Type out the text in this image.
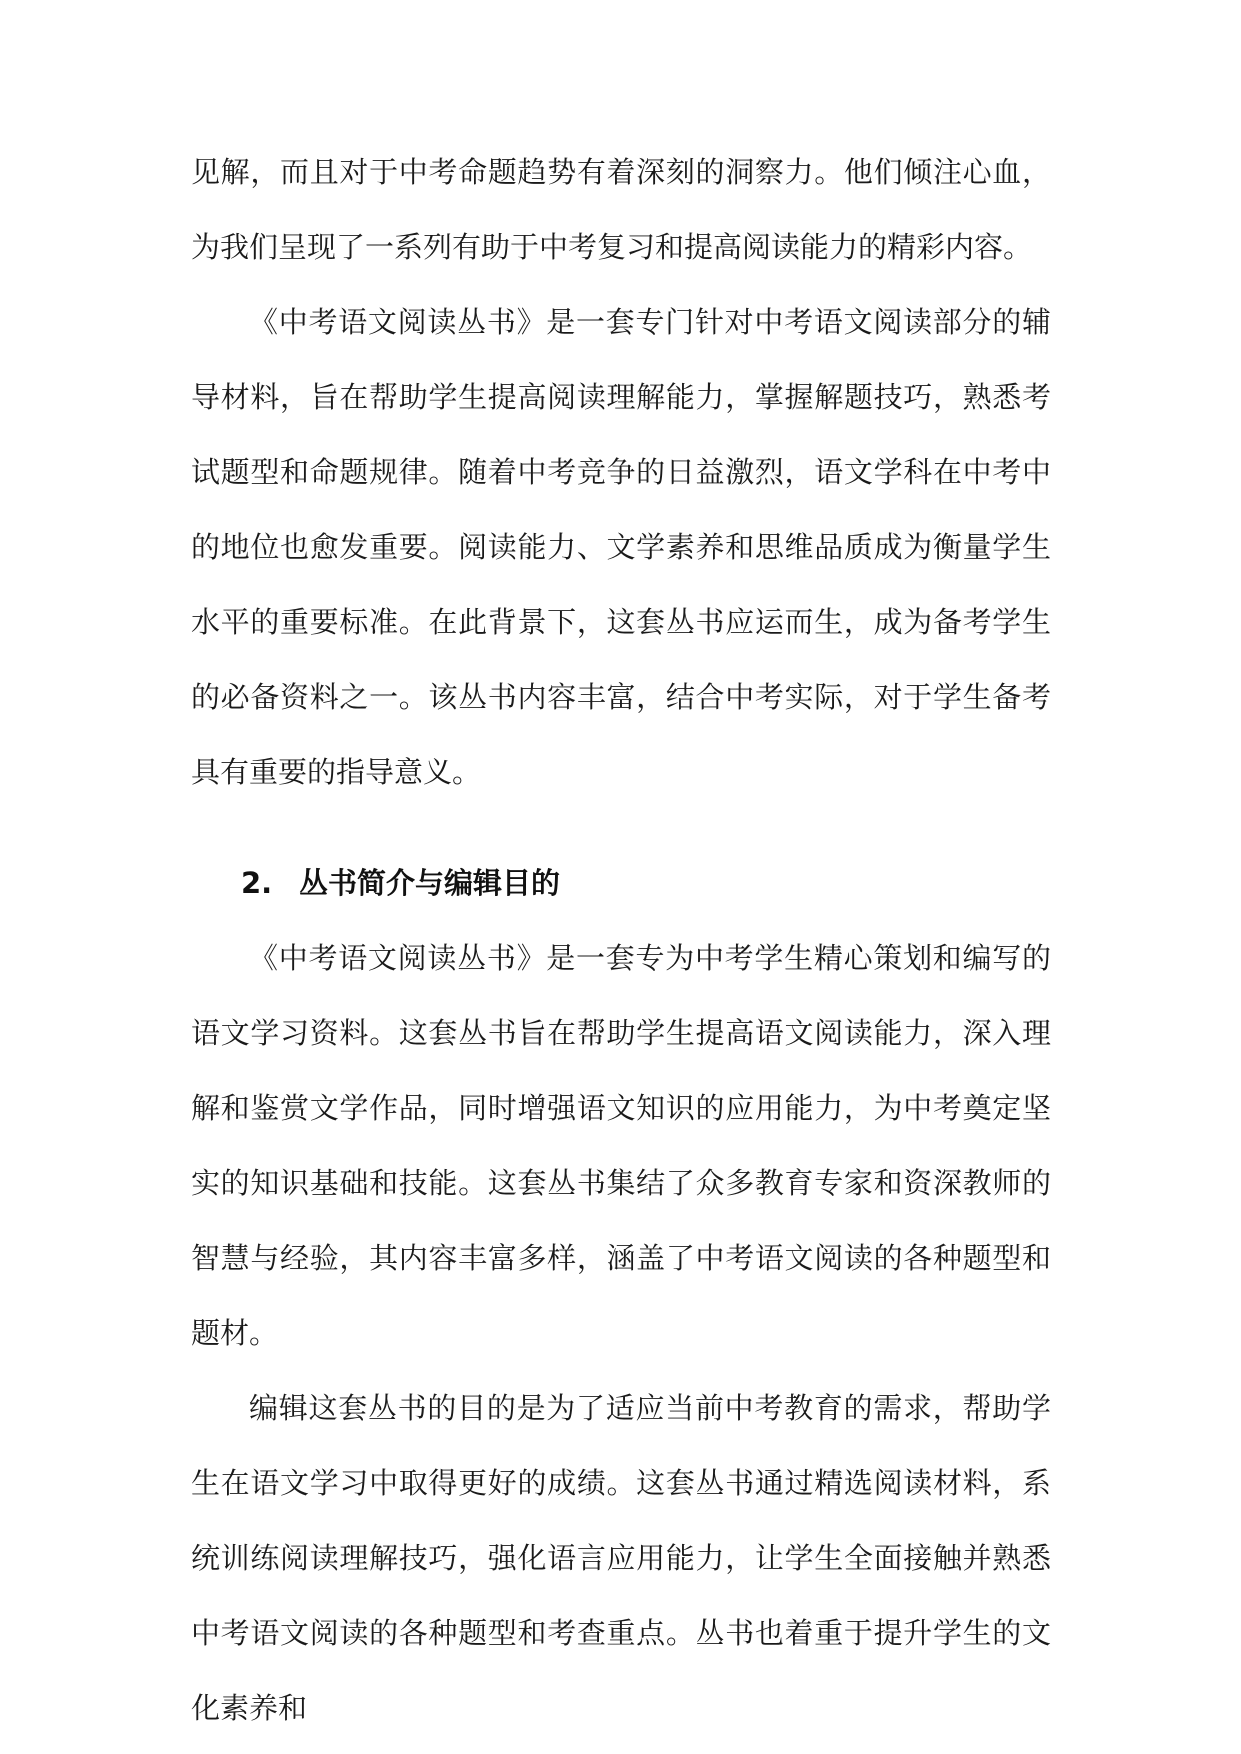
见解，而且对于中考命题趋势有着深刻的洞察力。他们倾注心血，为我们呈现了一系列有助于中考复习和提高阅读能力的精彩内容。

《中考语文阅读丛书》是一套专门针对中考语文阅读部分的辅导材料，旨在帮助学生提高阅读理解能力，掌握解题技巧，熟悉考试题型和命题规律。随着中考竞争的日益激烈，语文学科在中考中的地位也愈发重要。阅读能力、文学素养和思维品质成为衡量学生水平的重要标准。在此背景下，这套丛书应运而生，成为备考学生的必备资料之一。该丛书内容丰富，结合中考实际，对于学生备考具有重要的指导意义。

2. 丛书简介与编辑目的

《中考语文阅读丛书》是一套专为中考学生精心策划和编写的语文学习资料。这套丛书旨在帮助学生提高语文阅读能力，深入理解和鉴赏文学作品，同时增强语文知识的应用能力，为中考奠定坚实的知识基础和技能。这套丛书集结了众多教育专家和资深教师的智慧与经验，其内容丰富多样，涵盖了中考语文阅读的各种题型和题材。

编辑这套丛书的目的是为了适应当前中考教育的需求，帮助学生在语文学习中取得更好的成绩。这套丛书通过精选阅读材料，系统训练阅读理解技巧，强化语言应用能力，让学生全面接触并熟悉中考语文阅读的各种题型和考查重点。丛书也着重于提升学生的文化素养和
